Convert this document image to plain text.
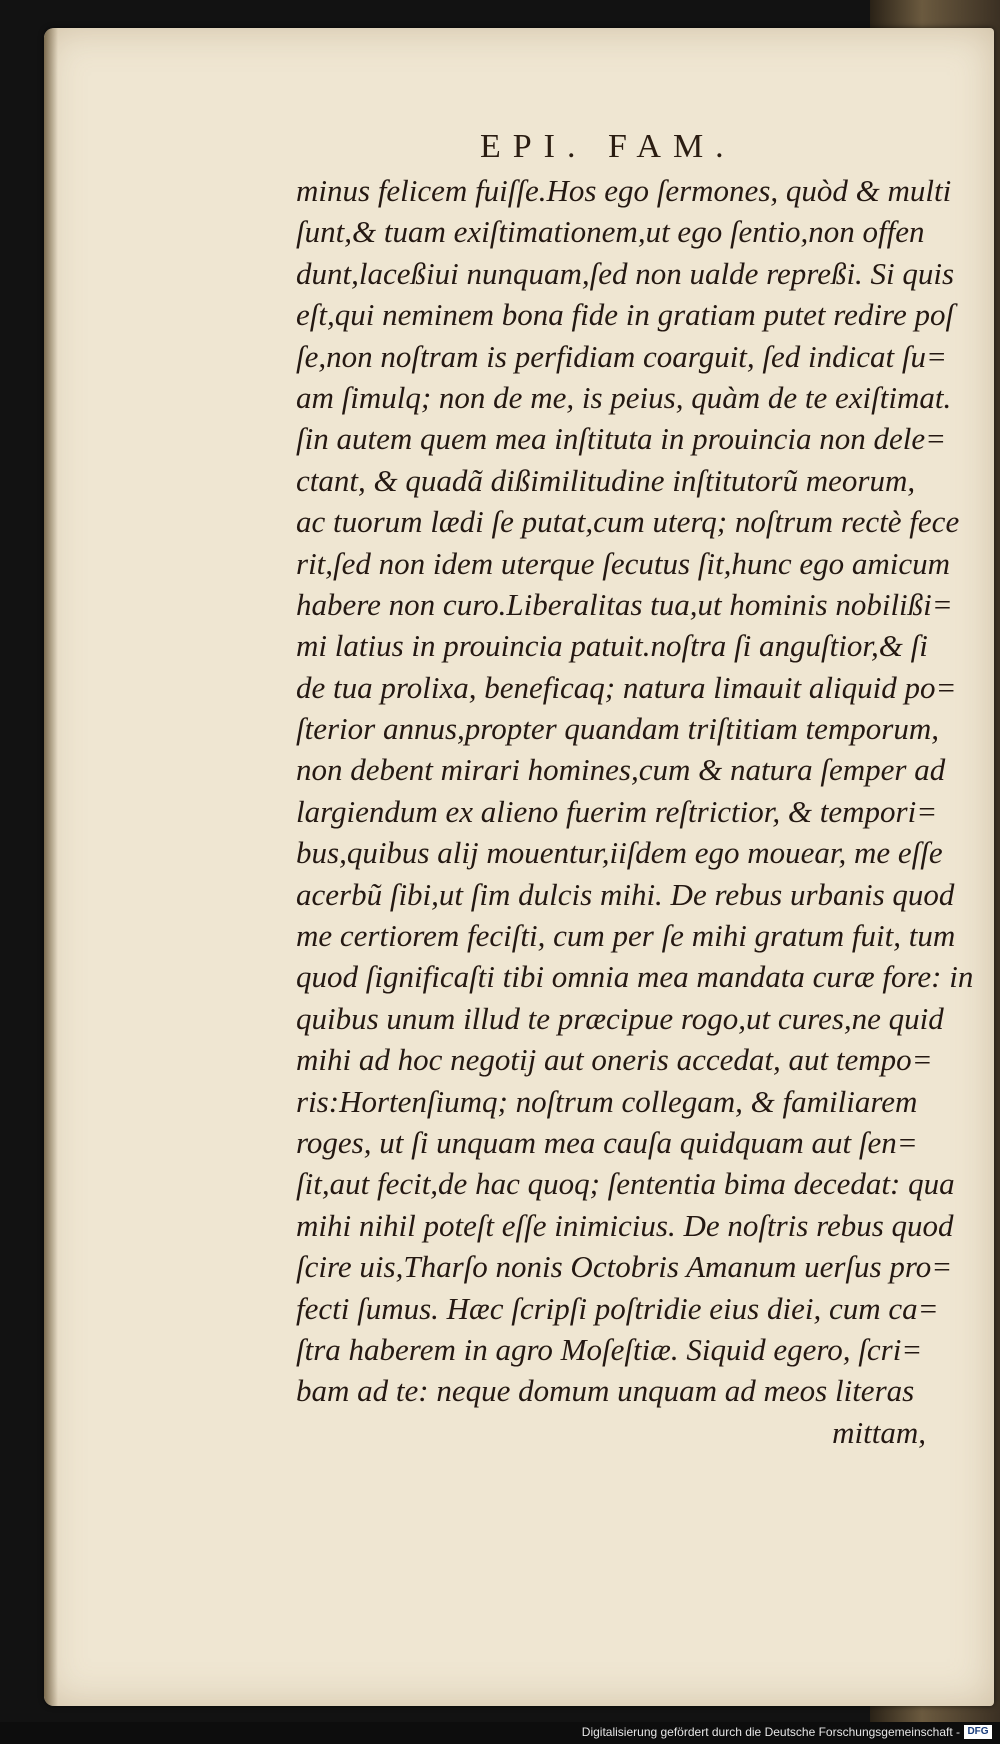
EPI. FAM.
minus felicem fuiſſe.Hos ego ſermones, quòd & multi
ſunt,& tuam exiſtimationem,ut ego ſentio,non offen
dunt,laceßiui nunquam,ſed non ualde repreßi. Si quis
eſt,qui neminem bona fide in gratiam putet redire poſ
ſe,non noſtram is perfidiam coarguit, ſed indicat ſu=
am ſimulq; non de me, is peius, quàm de te exiſtimat.
ſin autem quem mea inſtituta in prouincia non dele=
ctant, & quadã dißimilitudine inſtitutorũ meorum,
ac tuorum lædi ſe putat,cum uterq; noſtrum rectè fece
rit,ſed non idem uterque ſecutus ſit,hunc ego amicum
habere non curo.Liberalitas tua,ut hominis nobilißi=
mi latius in prouincia patuit.noſtra ſi anguſtior,& ſi
de tua prolixa, beneficaq; natura limauit aliquid po=
ſterior annus,propter quandam triſtitiam temporum,
non debent mirari homines,cum & natura ſemper ad
largiendum ex alieno fuerim reſtrictior, & tempori=
bus,quibus alij mouentur,iiſdem ego mouear, me eſſe
acerbũ ſibi,ut ſim dulcis mihi. De rebus urbanis quod
me certiorem feciſti, cum per ſe mihi gratum fuit, tum
quod ſignificaſti tibi omnia mea mandata curæ fore: in
quibus unum illud te præcipue rogo,ut cures,ne quid
mihi ad hoc negotij aut oneris accedat, aut tempo=
ris:Hortenſiumq; noſtrum collegam, & familiarem
roges, ut ſi unquam mea cauſa quidquam aut ſen=
ſit,aut fecit,de hac quoq; ſententia bima decedat: qua
mihi nihil poteſt eſſe inimicius. De noſtris rebus quod
ſcire uis,Tharſo nonis Octobris Amanum uerſus pro=
fecti ſumus. Hæc ſcripſi poſtridie eius diei, cum ca=
ſtra haberem in agro Moſeſtiæ. Siquid egero, ſcri=
bam ad te: neque domum unquam ad meos literas
mittam,
Digitalisierung gefördert durch die Deutsche Forschungsgemeinschaft - DFG
